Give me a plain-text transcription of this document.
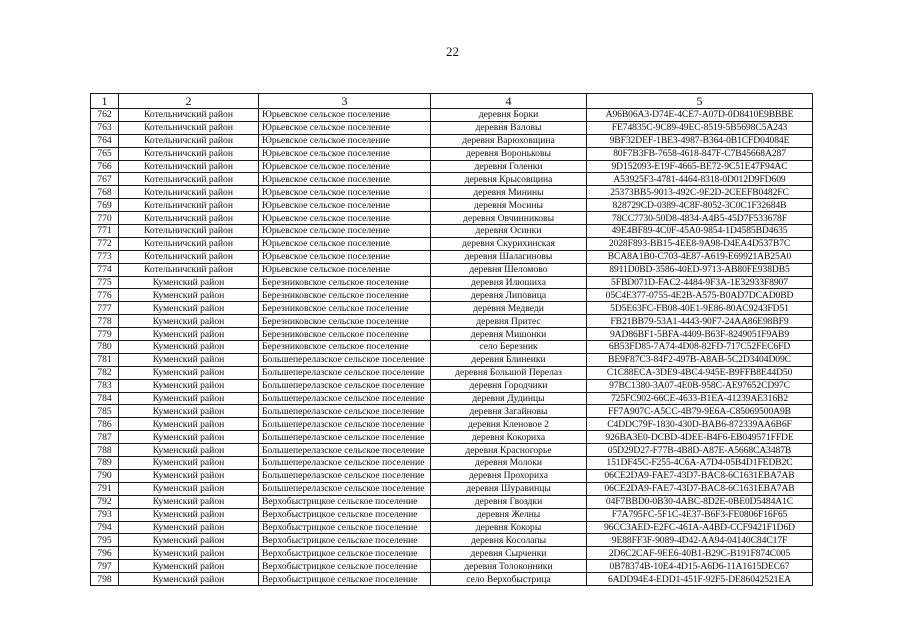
22
1	2	3	4	5
762	Котельничский район	Юрьевское сельское поселение	деревня Борки	A96B06A3-D74E-4CE7-A07D-0D8410E9BBBE
763	Котельничский район	Юрьевское сельское поселение	деревня Валовы	FE74835C-9C89-49EC-8519-5B5698C5A243
764	Котельничский район	Юрьевское сельское поселение	деревня Варюховщина	9BF32DEF-1BE3-4987-B364-0B1CFD04084E
765	Котельничский район	Юрьевское сельское поселение	деревня Вороньковы	80F7B3FB-7658-4618-847F-C7B45668A287
766	Котельничский район	Юрьевское сельское поселение	деревня Голенки	9D152093-E19F-4665-BE72-9C51E47F94AC
767	Котельничский район	Юрьевское сельское поселение	деревня Крысовщина	A53925F3-4781-4464-8318-0D012D9FD609
768	Котельничский район	Юрьевское сельское поселение	деревня Минины	25373BB5-9013-492C-9E2D-2CEEFB0482FC
769	Котельничский район	Юрьевское сельское поселение	деревня Мосины	828729CD-0389-4C8F-8052-3C0C1F32684B
770	Котельничский район	Юрьевское сельское поселение	деревня Овчинниковы	78CC7730-50D8-4834-A4B5-45D7F533678F
771	Котельничский район	Юрьевское сельское поселение	деревня Осинки	49E4BF89-4C0F-45A0-9854-1D4585BD4635
772	Котельничский район	Юрьевское сельское поселение	деревня Скурихинская	2028F893-BB15-4EE8-9A98-D4EA4D537B7C
773	Котельничский район	Юрьевское сельское поселение	деревня Шалагиновы	BCA8A1B0-C703-4E87-A619-E69921AB25A0
774	Котельничский район	Юрьевское сельское поселение	деревня Шеломово	8911D0BD-3586-40ED-9713-AB80FE938DB5
775	Куменский район	Березниковское сельское поселение	деревня Илюшиха	5FBD071D-FAC2-4484-9F3A-1E32933F8907
776	Куменский район	Березниковское сельское поселение	деревня Липовица	05C4E377-0755-4E2B-A575-B0AD7DCAD0BD
777	Куменский район	Березниковское сельское поселение	деревня Медведи	5D5E63FC-FB08-40E1-9E86-80AC9243FD51
778	Куменский район	Березниковское сельское поселение	деревня Притес	FB21BB79-53A1-4443-90F7-24AA86E98BF9
779	Куменский район	Березниковское сельское поселение	деревня Мишонки	9AD86BF1-5BFA-4409-B63F-8249051F9AB9
780	Куменский район	Березниковское сельское поселение	село Березник	6B53FD85-7A74-4D08-82FD-717C52FEC6FD
781	Куменский район	Большеперелазское сельское поселение	деревня Блинеики	BE9F87C3-84F2-497B-A8AB-5C2D3404D09C
782	Куменский район	Большеперелазское сельское поселение	деревня Большой Перелаз	C1C88ECA-3DE9-4BC4-945E-B9FFB8E44D50
783	Куменский район	Большеперелазское сельское поселение	деревня Городчики	97BC1380-3A07-4E0B-958C-AE97652CD97C
784	Куменский район	Большеперелазское сельское поселение	деревня Дудинцы	725FC902-66CE-4633-B1EA-41239AE316B2
785	Куменский район	Большеперелазское сельское поселение	деревня Загайновы	FF7A907C-A5CC-4B79-9E6A-C85069500A9B
786	Куменский район	Большеперелазское сельское поселение	деревня Кленовое 2	C4DDC79F-1830-430D-BAB6-872339AA6B6F
787	Куменский район	Большеперелазское сельское поселение	деревня Кокориха	926BA3E0-DCBD-4DEE-B4F6-EB049571FFDE
788	Куменский район	Большеперелазское сельское поселение	деревня Красногорье	05D29D27-F77B-4B8D-A87E-A5668CA3487B
789	Куменский район	Большеперелазское сельское поселение	деревня Молоки	151DF45C-F255-4C6A-A7D4-05B4D1FEDB2C
790	Куменский район	Большеперелазское сельское поселение	деревня Прохориха	06CE2DA9-FAE7-43D7-BAC8-6C1631EBA7AB
791	Куменский район	Большеперелазское сельское поселение	деревня Шуравинцы	06CE2DA9-FAE7-43D7-BAC8-6C1631EBA7AB
792	Куменский район	Верхобыстрицкое сельское поселение	деревня Гвоздки	04F7BBD0-0B30-4ABC-8D2E-0BE0D5484A1C
793	Куменский район	Верхобыстрицкое сельское поселение	деревня Желны	F7A795FC-5F1C-4E37-B6F3-FE0806F16F65
794	Куменский район	Верхобыстрицкое сельское поселение	деревня Кокоры	96CC3AED-E2FC-461A-A4BD-CCF9421F1D6D
795	Куменский район	Верхобыстрицкое сельское поселение	деревня Косолапы	9E88FF3F-9089-4D42-AA94-04140C84C17F
796	Куменский район	Верхобыстрицкое сельское поселение	деревня Сырченки	2D6C2CAF-9EE6-40B1-B29C-B191F874C005
797	Куменский район	Верхобыстрицкое сельское поселение	деревня Толоконники	0B78374B-10E4-4D15-A6D6-11A1615DEC67
798	Куменский район	Верхобыстрицкое сельское поселение	село Верхобыстрица	6ADD94E4-EDD1-451F-92F5-DE86042521EA
